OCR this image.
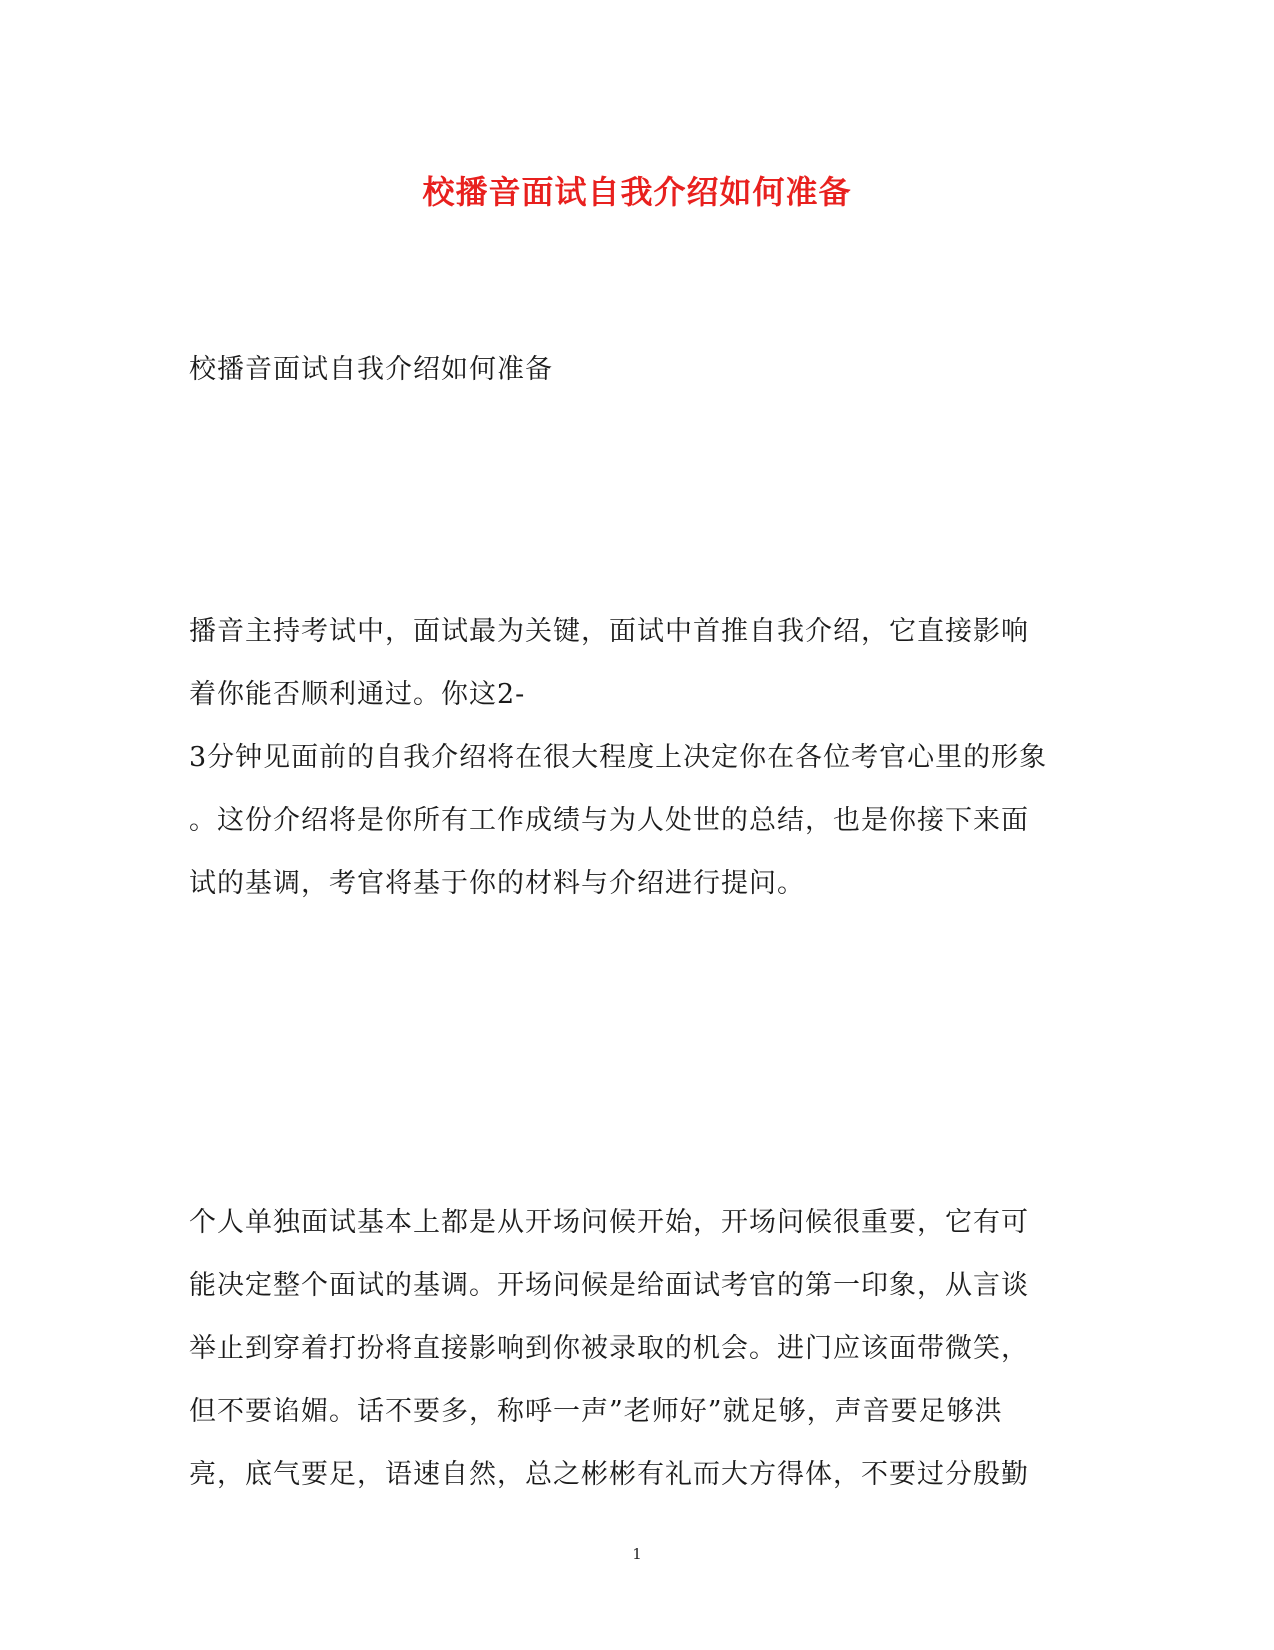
校播音面试自我介绍如何准备
校播音面试自我介绍如何准备
播音主持考试中，面试最为关键，面试中首推自我介绍，它直接影响
着你能否顺利通过。你这2-
3分钟见面前的自我介绍将在很大程度上决定你在各位考官心里的形象
。这份介绍将是你所有工作成绩与为人处世的总结，也是你接下来面
试的基调，考官将基于你的材料与介绍进行提问。
个人单独面试基本上都是从开场问候开始，开场问候很重要，它有可
能决定整个面试的基调。开场问候是给面试考官的第一印象，从言谈
举止到穿着打扮将直接影响到你被录取的机会。进门应该面带微笑，
但不要谄媚。话不要多，称呼一声”老师好”就足够，声音要足够洪
亮，底气要足，语速自然，总之彬彬有礼而大方得体，不要过分殷勤
1
